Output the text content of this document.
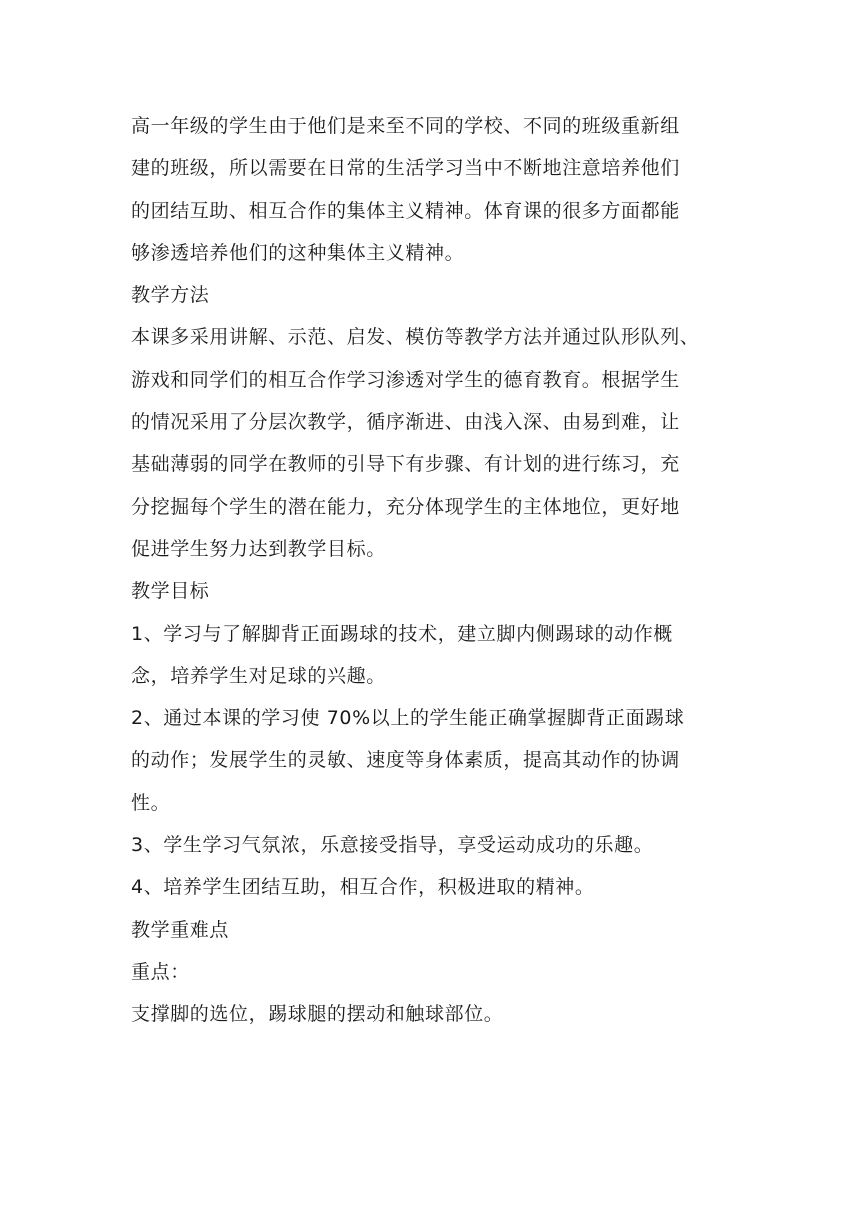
高一年级的学生由于他们是来至不同的学校、不同的班级重新组
建的班级，所以需要在日常的生活学习当中不断地注意培养他们
的团结互助、相互合作的集体主义精神。体育课的很多方面都能
够渗透培养他们的这种集体主义精神。
教学方法
本课多采用讲解、示范、启发、模仿等教学方法并通过队形队列、
游戏和同学们的相互合作学习渗透对学生的德育教育。根据学生
的情况采用了分层次教学，循序渐进、由浅入深、由易到难，让
基础薄弱的同学在教师的引导下有步骤、有计划的进行练习，充
分挖掘每个学生的潜在能力，充分体现学生的主体地位，更好地
促进学生努力达到教学目标。
教学目标
1、学习与了解脚背正面踢球的技术，建立脚内侧踢球的动作概
念，培养学生对足球的兴趣。
2、通过本课的学习使 70%以上的学生能正确掌握脚背正面踢球
的动作；发展学生的灵敏、速度等身体素质，提高其动作的协调
性。
3、学生学习气氛浓，乐意接受指导，享受运动成功的乐趣。
4、培养学生团结互助，相互合作，积极进取的精神。
教学重难点
重点：
支撑脚的选位，踢球腿的摆动和触球部位。
